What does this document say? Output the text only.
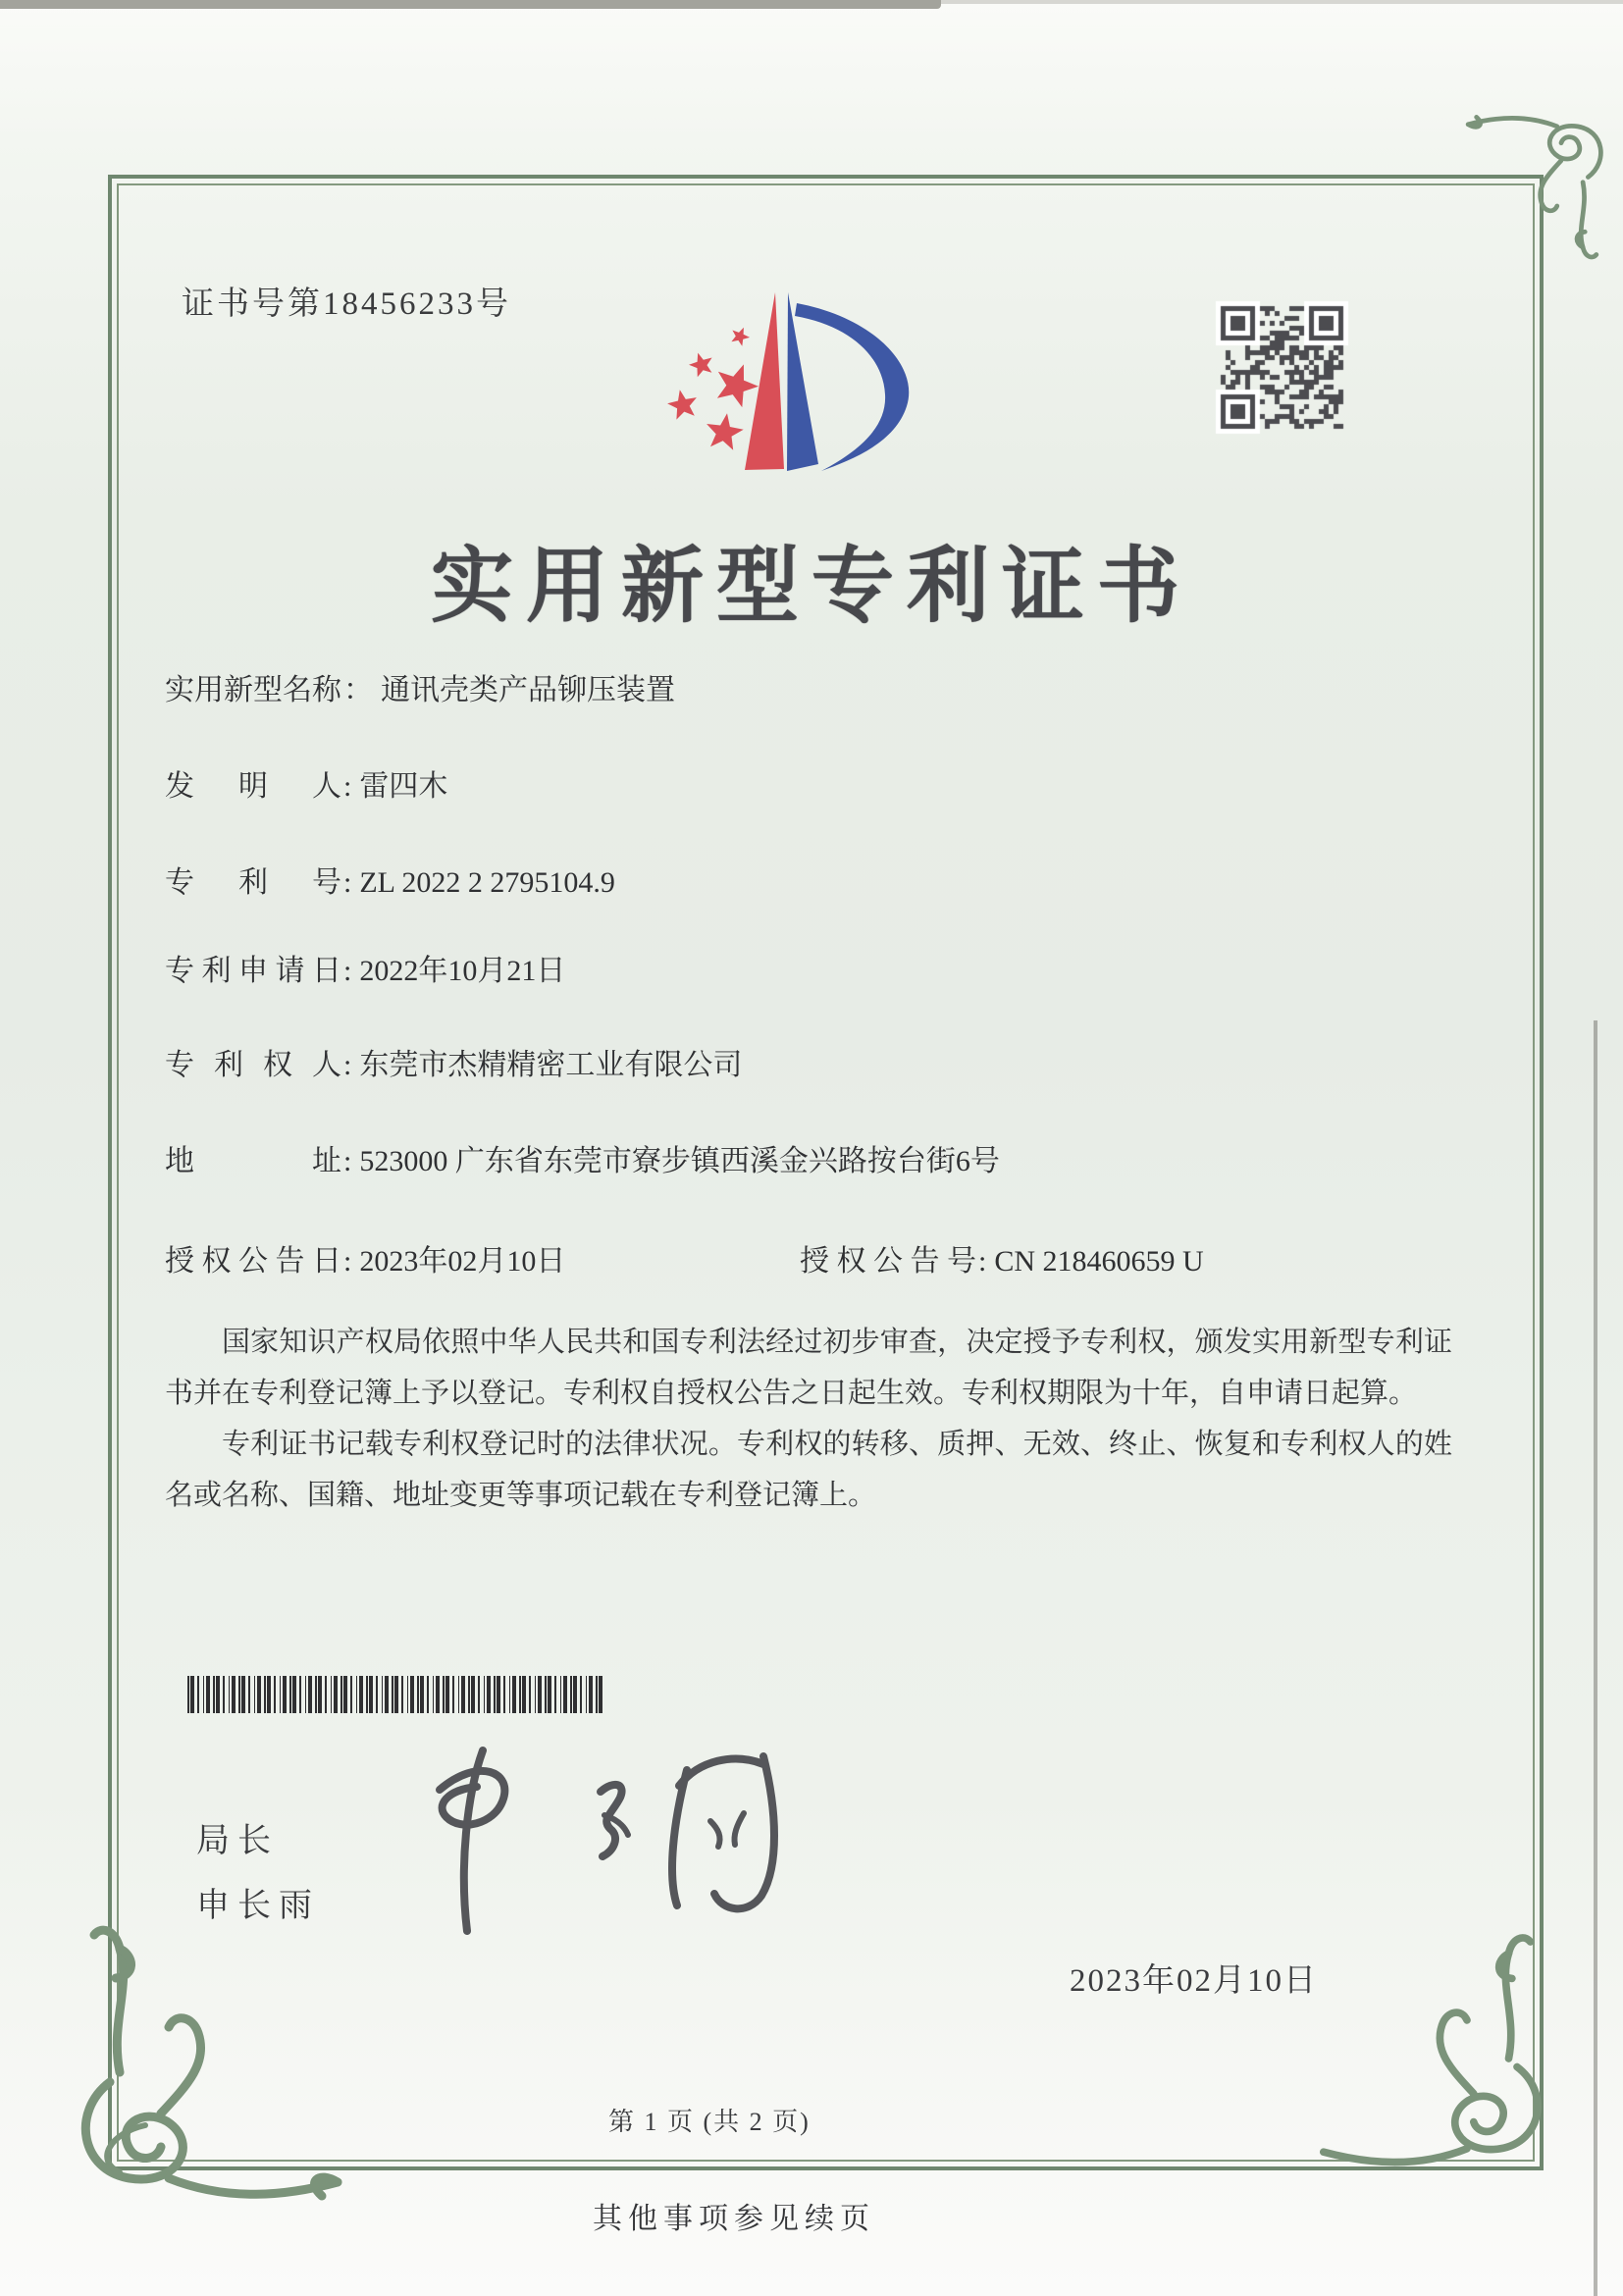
证书号第18456233号
实用新型专利证书
实用新型名称： 通讯壳类产品铆压装置
发明人: 雷四木
专利号: ZL 2022 2 2795104.9
专利申请日: 2022年10月21日
专利权人: 东莞市杰精精密工业有限公司
地址: 523000 广东省东莞市寮步镇西溪金兴路按台街6号
授权公告日: 2023年02月10日	授权公告号: CN 218460659 U

国家知识产权局依照中华人民共和国专利法经过初步审查，决定授予专利权，颁发实用新型专利证书并在专利登记簿上予以登记。专利权自授权公告之日起生效。专利权期限为十年，自申请日起算。

专利证书记载专利权登记时的法律状况。专利权的转移、质押、无效、终止、恢复和专利权人的姓名或名称、国籍、地址变更等事项记载在专利登记簿上。

局长
申长雨
2023年02月10日
第 1 页 (共 2 页)
其他事项参见续页
